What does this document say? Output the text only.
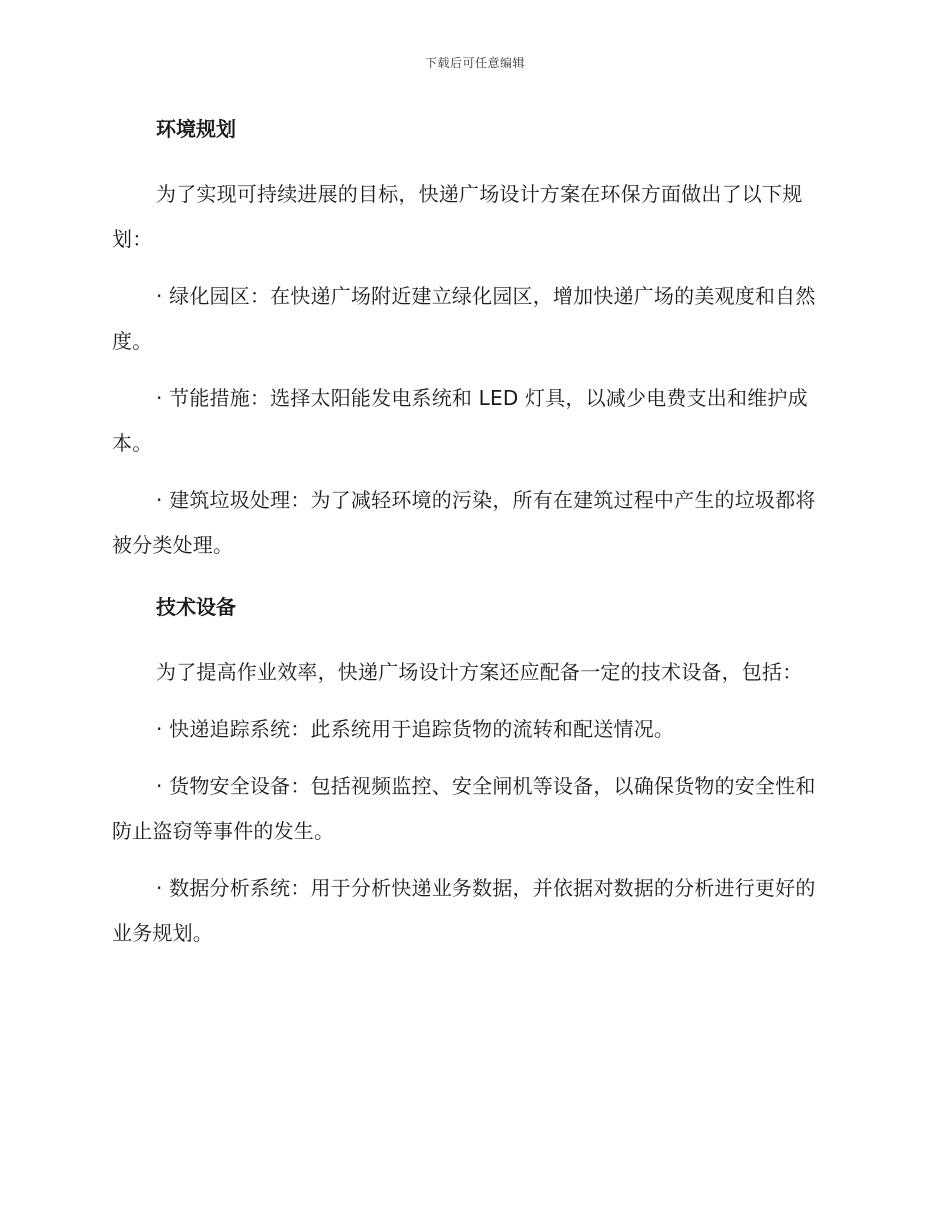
下载后可任意编辑
环境规划

为了实现可持续进展的目标，快递广场设计方案在环保方面做出了以下规划：

· 绿化园区：在快递广场附近建立绿化园区，增加快递广场的美观度和自然度。

· 节能措施：选择太阳能发电系统和 LED 灯具，以减少电费支出和维护成本。

· 建筑垃圾处理：为了减轻环境的污染，所有在建筑过程中产生的垃圾都将被分类处理。

技术设备

为了提高作业效率，快递广场设计方案还应配备一定的技术设备，包括：

· 快递追踪系统：此系统用于追踪货物的流转和配送情况。

· 货物安全设备：包括视频监控、安全闸机等设备，以确保货物的安全性和防止盗窃等事件的发生。

· 数据分析系统：用于分析快递业务数据，并依据对数据的分析进行更好的业务规划。
